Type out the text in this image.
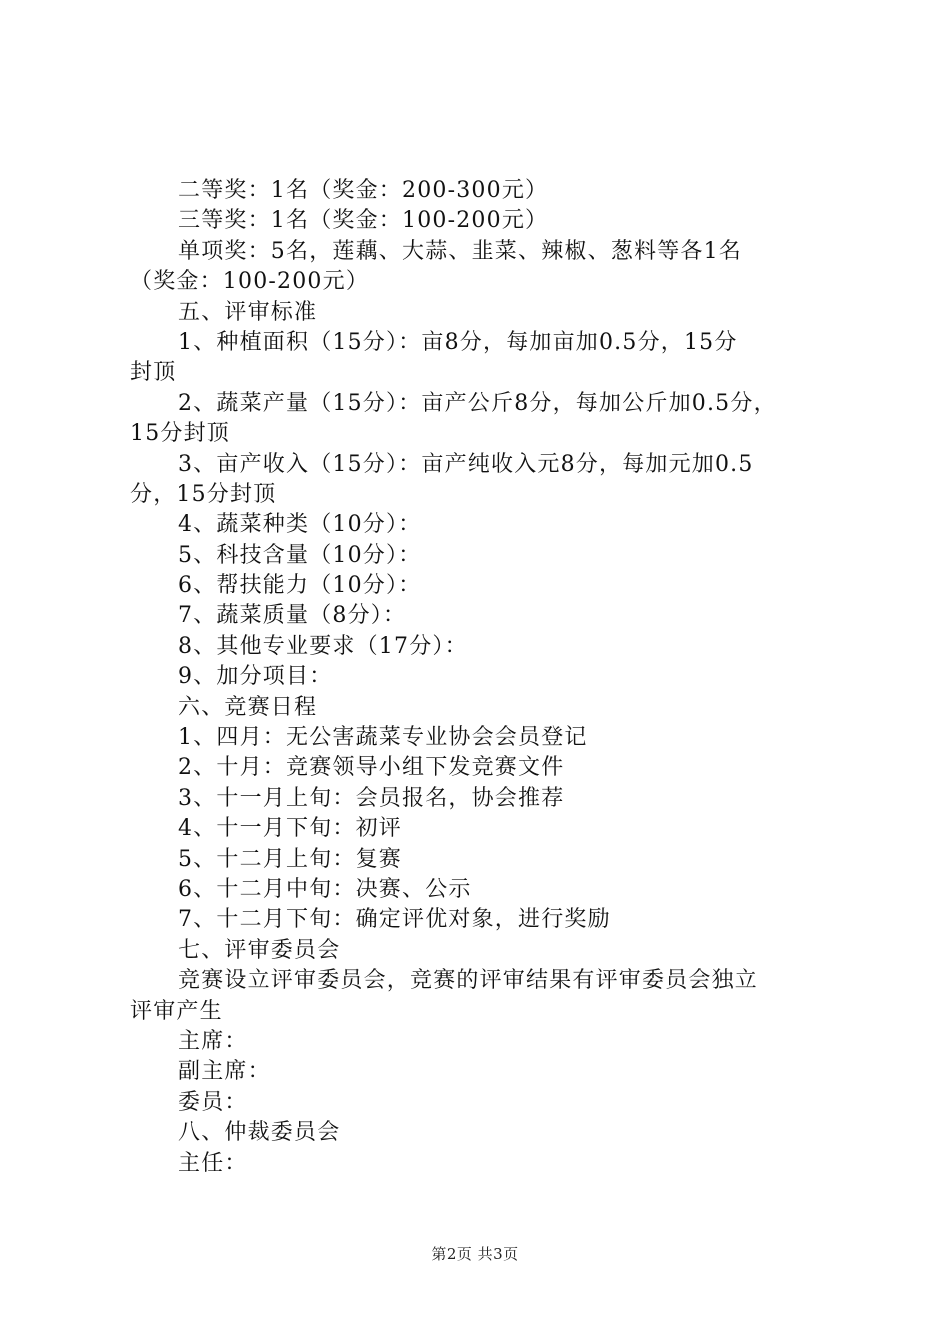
二等奖：1名（奖金：200-300元）
三等奖：1名（奖金：100-200元）
单项奖：5名，莲藕、大蒜、韭菜、辣椒、葱料等各1名
（奖金：100-200元）
五、评审标准
1、种植面积（15分）：亩8分，每加亩加0.5分，15分
封顶
2、蔬菜产量（15分）：亩产公斤8分，每加公斤加0.5分，
15分封顶
3、亩产收入（15分）：亩产纯收入元8分，每加元加0.5
分，15分封顶
4、蔬菜种类（10分）：
5、科技含量（10分）：
6、帮扶能力（10分）：
7、蔬菜质量（8分）：
8、其他专业要求（17分）：
9、加分项目：
六、竞赛日程
1、四月：无公害蔬菜专业协会会员登记
2、十月：竞赛领导小组下发竞赛文件
3、十一月上旬：会员报名，协会推荐
4、十一月下旬：初评
5、十二月上旬：复赛
6、十二月中旬：决赛、公示
7、十二月下旬：确定评优对象，进行奖励
七、评审委员会
竞赛设立评审委员会，竞赛的评审结果有评审委员会独立
评审产生
主席：
副主席：
委员：
八、仲裁委员会
主任：
第2页 共3页
